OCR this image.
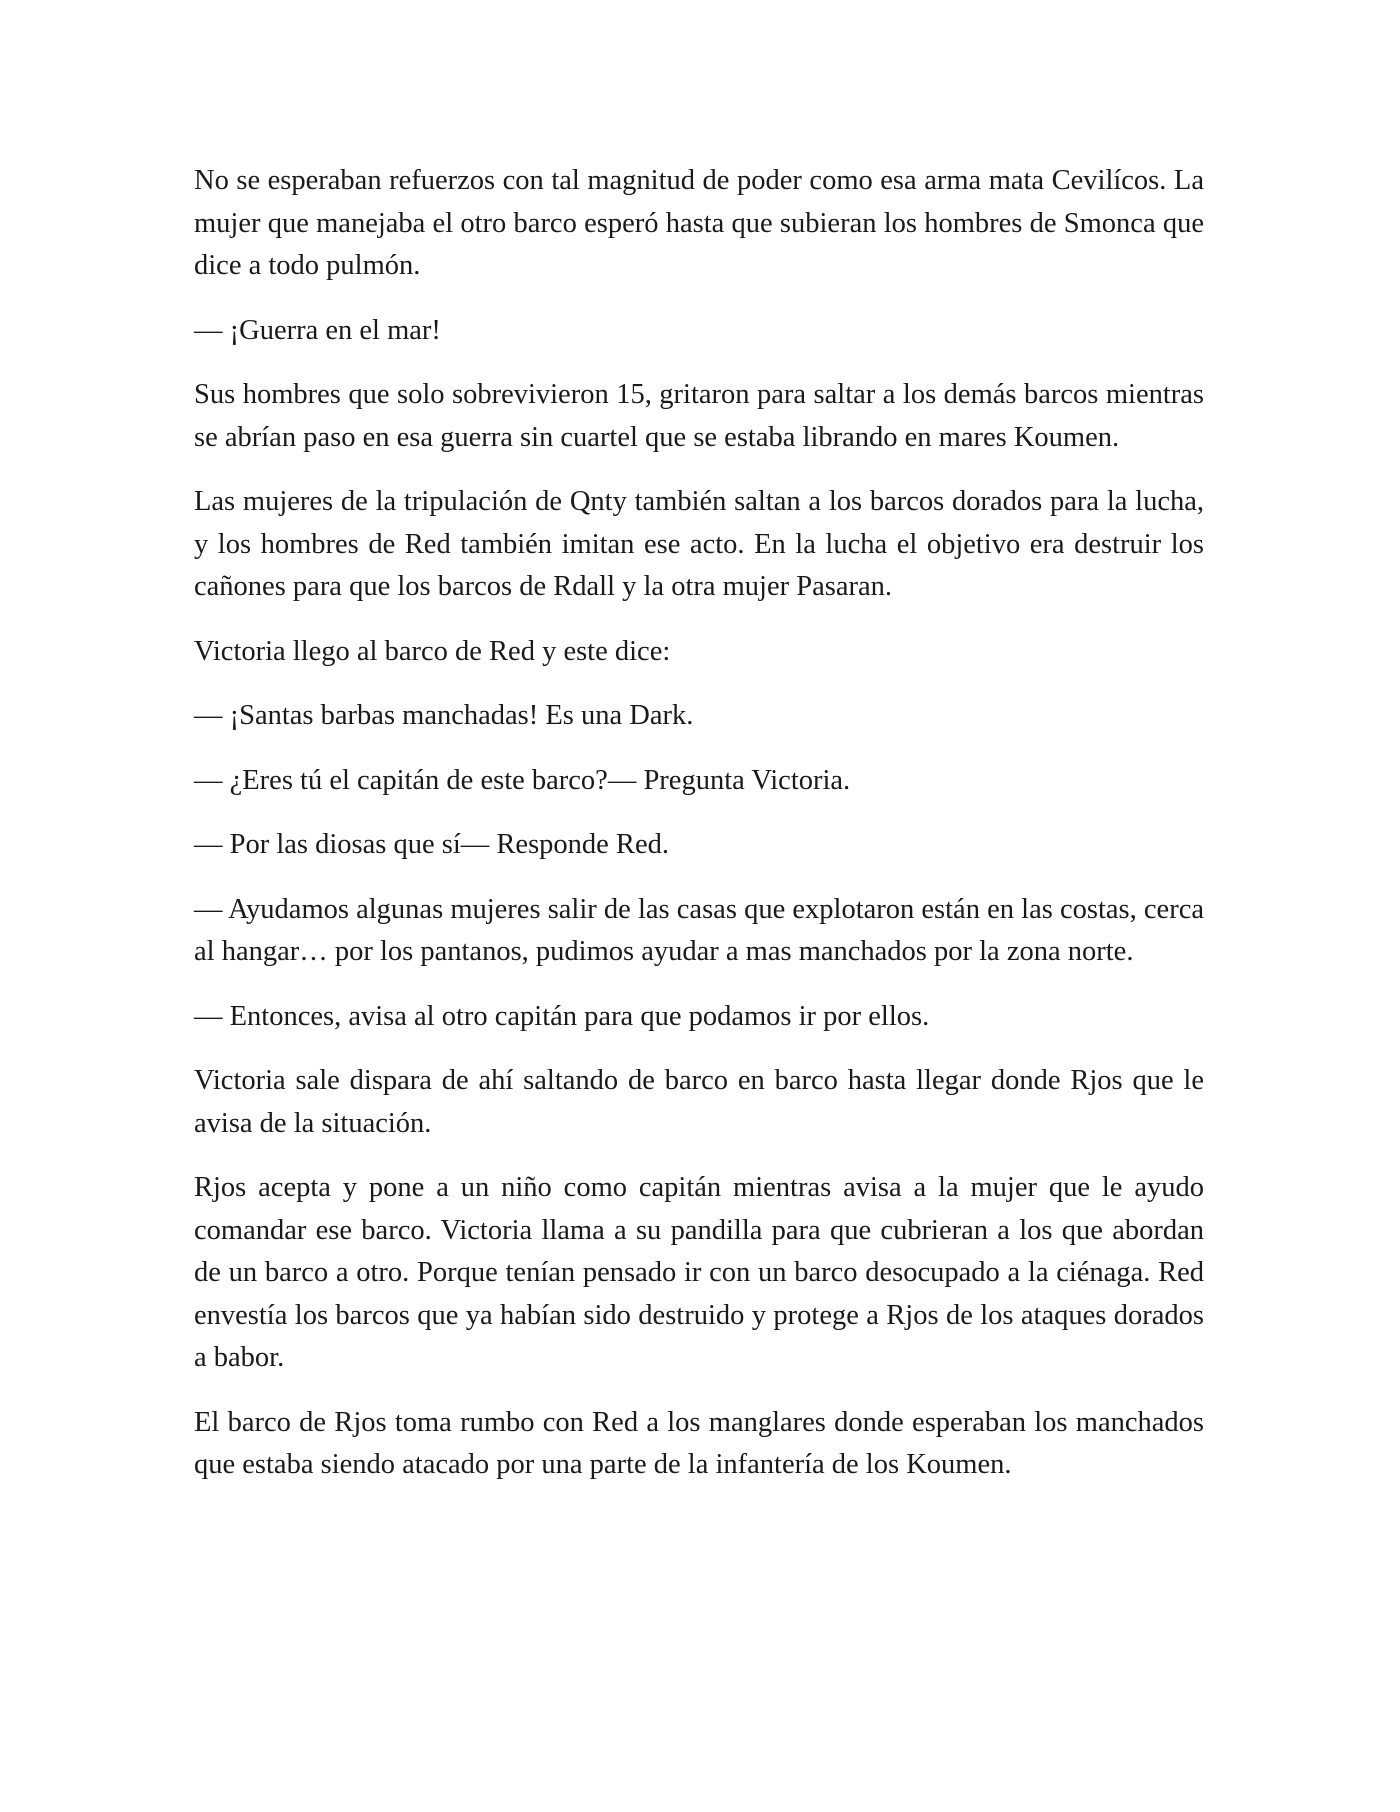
No se esperaban refuerzos con tal magnitud de poder como esa arma mata Cevilícos. La mujer que manejaba el otro barco esperó hasta que subieran los hombres de Smonca que dice a todo pulmón.

— ¡Guerra en el mar!

Sus hombres que solo sobrevivieron 15, gritaron para saltar a los demás barcos mientras se abrían paso en esa guerra sin cuartel que se estaba librando en mares Koumen.

Las mujeres de la tripulación de Qnty también saltan a los barcos dorados para la lucha, y los hombres de Red también imitan ese acto. En la lucha el objetivo era destruir los cañones para que los barcos de Rdall y la otra mujer Pasaran.

Victoria llego al barco de Red y este dice:

— ¡Santas barbas manchadas! Es una Dark.

— ¿Eres tú el capitán de este barco?— Pregunta Victoria.

— Por las diosas que sí— Responde Red.

— Ayudamos algunas mujeres salir de las casas que explotaron están en las costas, cerca al hangar… por los pantanos, pudimos ayudar a mas manchados por la zona norte.

— Entonces, avisa al otro capitán para que podamos ir por ellos.

Victoria sale dispara de ahí saltando de barco en barco hasta llegar donde Rjos que le avisa de la situación.

Rjos acepta y pone a un niño como capitán mientras avisa a la mujer que le ayudo comandar ese barco. Victoria llama a su pandilla para que cubrieran a los que abordan de un barco a otro. Porque tenían pensado ir con un barco desocupado a la ciénaga. Red envestía los barcos que ya habían sido destruido y protege a Rjos de los ataques dorados a babor.

El barco de Rjos toma rumbo con Red a los manglares donde esperaban los manchados que estaba siendo atacado por una parte de la infantería de los Koumen.
